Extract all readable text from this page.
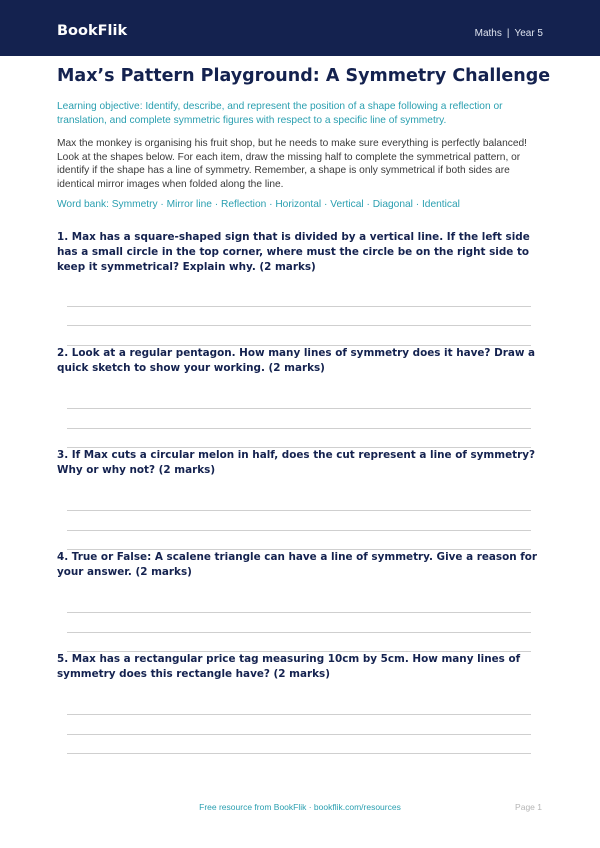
BookFlik	Maths | Year 5
Max’s Pattern Playground: A Symmetry Challenge
Learning objective: Identify, describe, and represent the position of a shape following a reflection or translation, and complete symmetric figures with respect to a specific line of symmetry.
Max the monkey is organising his fruit shop, but he needs to make sure everything is perfectly balanced! Look at the shapes below. For each item, draw the missing half to complete the symmetrical pattern, or identify if the shape has a line of symmetry. Remember, a shape is only symmetrical if both sides are identical mirror images when folded along the line.
Word bank: Symmetry · Mirror line · Reflection · Horizontal · Vertical · Diagonal · Identical
1. Max has a square-shaped sign that is divided by a vertical line. If the left side has a small circle in the top corner, where must the circle be on the right side to keep it symmetrical? Explain why. (2 marks)
2. Look at a regular pentagon. How many lines of symmetry does it have? Draw a quick sketch to show your working. (2 marks)
3. If Max cuts a circular melon in half, does the cut represent a line of symmetry? Why or why not? (2 marks)
4. True or False: A scalene triangle can have a line of symmetry. Give a reason for your answer. (2 marks)
5. Max has a rectangular price tag measuring 10cm by 5cm. How many lines of symmetry does this rectangle have? (2 marks)
Free resource from BookFlik · bookflik.com/resources	Page 1
